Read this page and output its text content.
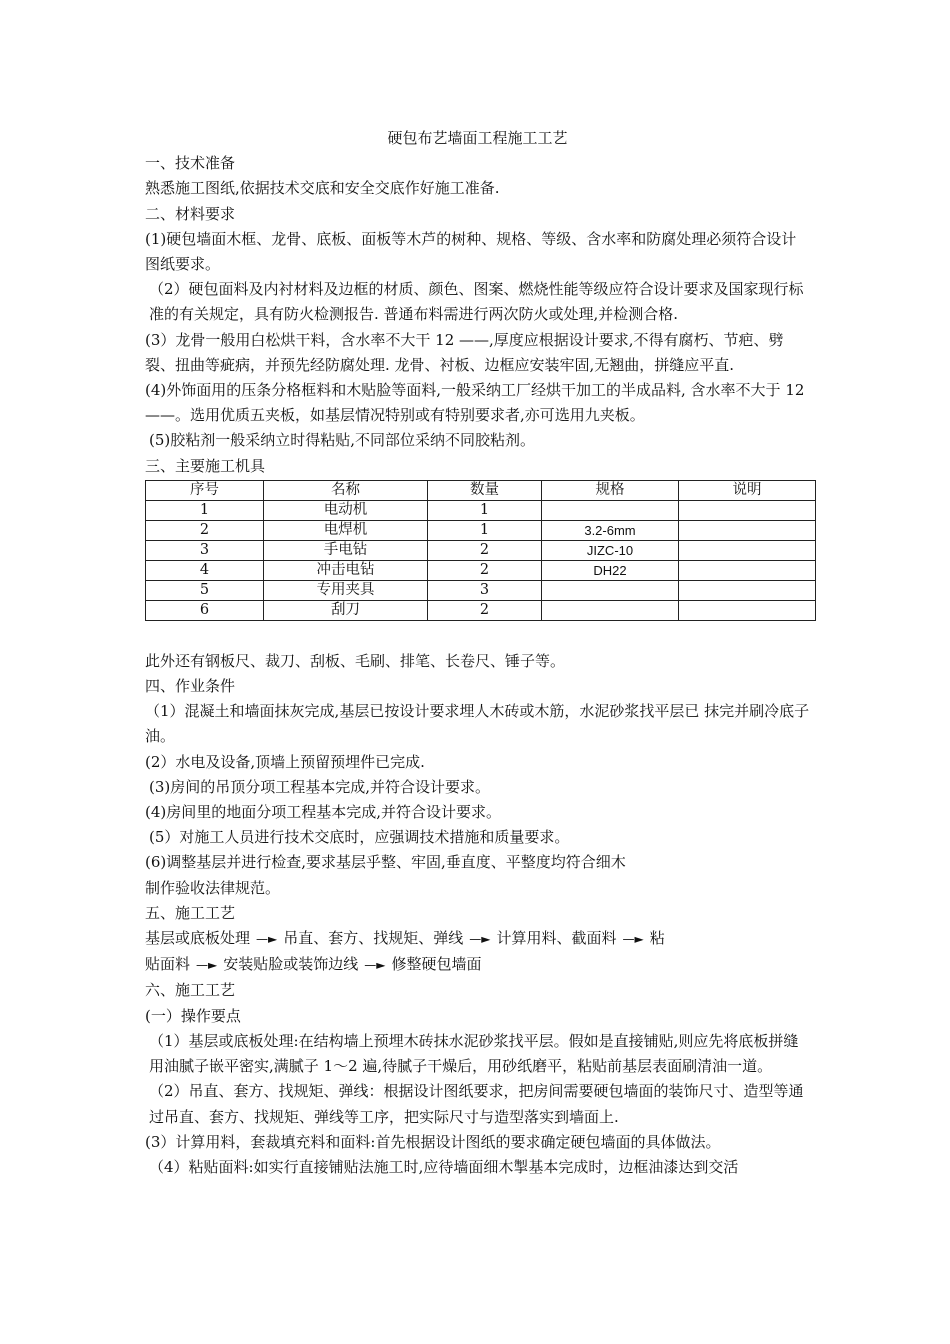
硬包布艺墙面工程施工工艺

一、技术准备

熟悉施工图纸,依据技术交底和安全交底作好施工准备.

二、材料要求

(1)硬包墙面木框、龙骨、底板、面板等木芦的树种、规格、等级、含水率和防腐处理必须符合设计图纸要求。

（2）硬包面料及内衬材料及边框的材质、颜色、图案、燃烧性能等级应符合设计要求及国家现行标准的有关规定，具有防火检测报告. 普通布料需进行两次防火或处理,并检测合格.

(3）龙骨一般用白松烘干料，含水率不大干 12 ——,厚度应根据设计要求,不得有腐朽、节疤、劈裂、扭曲等疵病，并预先经防腐处理. 龙骨、衬板、边框应安装牢固,无翘曲，拼缝应平直.

(4)外饰面用的压条分格框料和木贴脸等面料,一般采纳工厂经烘干加工的半成品料, 含水率不大于 12 ——。选用优质五夹板，如基层情况特别或有特别要求者,亦可选用九夹板。

(5)胶粘剂一般采纳立时得粘贴,不同部位采纳不同胶粘剂。

三、主要施工机具

序号	名称	数量	规格	说明
1	电动机	1		
2	电焊机	1	3.2-6mm	
3	手电钻	2	JIZC-10	
4	冲击电钻	2	DH22	
5	专用夹具	3		
6	刮刀	2		

此外还有钢板尺、裁刀、刮板、毛刷、排笔、长卷尺、锤子等。

四、作业条件

（1）混凝土和墙面抹灰完成,基层已按设计要求埋人木砖或木筋，水泥砂浆找平层已 抹完并刷冷底子油。

(2）水电及设备,顶墙上预留预埋件已完成.

(3)房间的吊顶分项工程基本完成,并符合设计要求。

(4)房间里的地面分项工程基本完成,并符合设计要求。

(5）对施工人员进行技术交底时，应强调技术措施和质量要求。

(6)调整基层并进行检查,要求基层乎整、牢固,垂直度、平整度均符合细木

制作验收法律规范。

五、施工工艺

基层或底板处理 —► 吊直、套方、找规矩、弹线 —► 计算用料、截面料 —► 粘

贴面料 —► 安装贴脸或装饰边线 —► 修整硬包墙面

六、施工工艺

(一）操作要点

（1）基层或底板处理:在结构墙上预埋木砖抹水泥砂浆找平层。假如是直接铺贴,则应先将底板拼缝用油腻子嵌平密实,满腻子 1～2 遍,待腻子干燥后，用砂纸磨平，粘贴前基层表面刷清油一道。

（2）吊直、套方、找规矩、弹线：根据设计图纸要求，把房间需要硬包墙面的装饰尺寸、造型等通过吊直、套方、找规矩、弹线等工序，把实际尺寸与造型落实到墙面上.

(3）计算用料，套裁填充料和面料:首先根据设计图纸的要求确定硬包墙面的具体做法。

（4）粘贴面料:如实行直接铺贴法施工时,应待墙面细木掣基本完成时，边框油漆达到交活
